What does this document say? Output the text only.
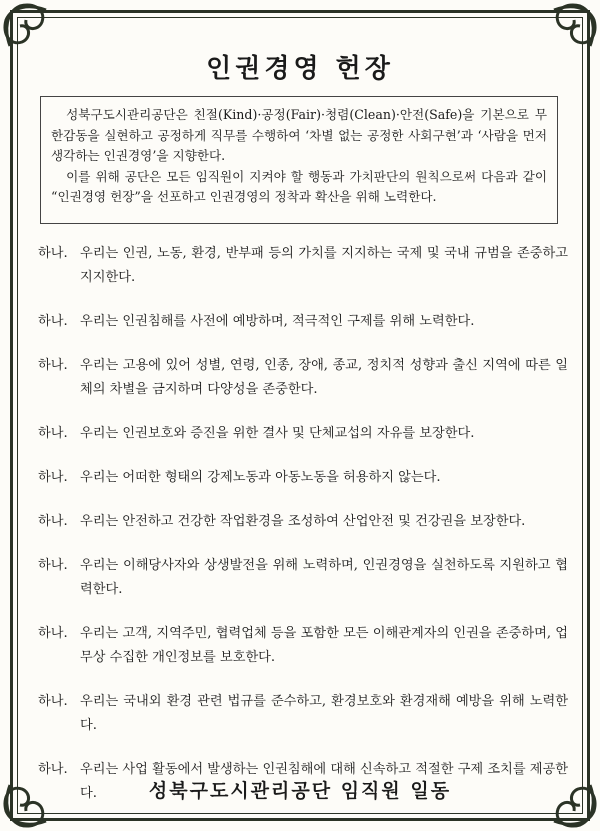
인권경영 헌장

성북구도시관리공단은 친절(Kind)·공정(Fair)·청렴(Clean)·안전(Safe)을 기본으로 무한감동을 실현하고 공정하게 직무를 수행하여 ‘차별 없는 공정한 사회구현’과 ‘사람을 먼저 생각하는 인권경영’을 지향한다.

이를 위해 공단은 모든 임직원이 지켜야 할 행동과 가치판단의 원칙으로써 다음과 같이 “인권경영 헌장”을 선포하고 인권경영의 정착과 확산을 위해 노력한다.

하나. 우리는 인권, 노동, 환경, 반부패 등의 가치를 지지하는 국제 및 국내 규범을 존중하고 지지한다.
하나. 우리는 인권침해를 사전에 예방하며, 적극적인 구제를 위해 노력한다.
하나. 우리는 고용에 있어 성별, 연령, 인종, 장애, 종교, 정치적 성향과 출신 지역에 따른 일체의 차별을 금지하며 다양성을 존중한다.
하나. 우리는 인권보호와 증진을 위한 결사 및 단체교섭의 자유를 보장한다.
하나. 우리는 어떠한 형태의 강제노동과 아동노동을 허용하지 않는다.
하나. 우리는 안전하고 건강한 작업환경을 조성하여 산업안전 및 건강권을 보장한다.
하나. 우리는 이해당사자와 상생발전을 위해 노력하며, 인권경영을 실천하도록 지원하고 협력한다.
하나. 우리는 고객, 지역주민, 협력업체 등을 포함한 모든 이해관계자의 인권을 존중하며, 업무상 수집한 개인정보를 보호한다.
하나. 우리는 국내외 환경 관련 법규를 준수하고, 환경보호와 환경재해 예방을 위해 노력한다.
하나. 우리는 사업 활동에서 발생하는 인권침해에 대해 신속하고 적절한 구제 조치를 제공한다.	성북구도시관리공단 임직원 일동
